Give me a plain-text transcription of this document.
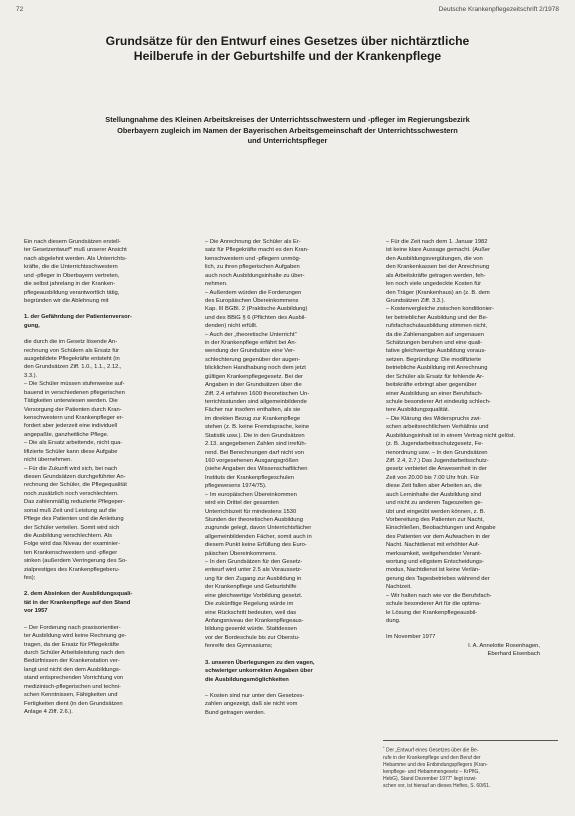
72	Deutsche Krankenpflegezeitschrift 2/1978
Grundsätze für den Entwurf eines Gesetzes über nichtärztliche
Heilberufe in der Geburtshilfe und der Krankenpflege
Stellungnahme des Kleinen Arbeitskreises der Unterrichtsschwestern und -pfleger im Regierungsbezirk
Oberbayern zugleich im Namen der Bayerischen Arbeitsgemeinschaft der Unterrichtsschwestern
und Unterrichtspfleger

Ein nach diesem Grundsätzen erstell-

ter Gesetzentwurf* muß unserer Ansicht

nach abgelehnt werden. Als Unterrichts-

kräfte, die die Unterrichtsschwestern

und -pfleger in Oberbayern vertreten,

die selbst jahrelang in der Kranken-

pflegeausbildung verantwortlich tätig,

begründen wir die Ablehnung mit

1. der Gefährdung der Patientenversor-

gung,

die durch die im Gesetz lösende An-

rechnung von Schülern als Ersatz für

ausgebildete Pflegekräfte entsteht (in

den Grundsätzen Ziff. 1.0., 1.1., 2.12.,

3.3.).

– Die Schüler müssen stufenweise auf-

bauend in verschiedenen pflegerischen

Tätigkeiten unterwiesen werden. Die

Versorgung der Patienten durch Kran-

kenschwestern und Krankenpfleger er-

fordert aber jederzeit eine individuell

angepaßte, ganzheitliche Pflege.

– Die als Ersatz arbeitende, nicht qua-

lifizierte Schüler kann diese Aufgabe

nicht übernehmen.

– Für die Zukunft wird sich, bei nach

diesen Grundsätzen durchgeführter An-

rechnung der Schüler, die Pflegequalität

noch zusätzlich noch verschlechtern.

Das zahlenmäßig reduzierte Pflegeper-

sonal muß Zeit und Leistung auf die

Pflege des Patienten und die Anleitung

der Schüler verteilen. Somit wird sich

die Ausbildung verschlechtern. Als

Folge wird das Niveau der examinier-

ten Krankenschwestern und -pfleger

sinken (außerdem Verringerung des So-

zialprestiges des Krankenpflegeberu-

fes);

2. dem Absinken der Ausbildungsquali-

tät in der Krankenpflege auf den Stand

vor 1957

– Der Forderung nach praxisorientier-

ter Ausbildung wird keine Rechnung ge-

tragen, da der Ersatz für Pflegekräfte

durch Schüler Arbeitsleistung nach den

Bedürfnissen der Krankenstation ver-

langt und nicht den dem Ausbildungs-

stand entsprechenden Vorrichtung von

medizinisch-pflegerischen und techni-

schen Kenntnissen, Fähigkeiten und

Fertigkeiten dient (in den Grundsätzen

Anlage 4 Ziff. 2.6.).

– Die Anrechnung der Schüler als Er-

satz für Pflegekräfte macht es den Kran-

kenschwestern und -pflegern unmög-

lich, zu ihren pflegerischen Aufgaben

auch noch Ausbildungsinhalte zu über-

nehmen.

– Außerdem würden die Forderungen

des Europäischen Übereinkommens

Kap. III BGBl. 2 (Praktische Ausbildung)

und des BBiG § 6 (Pflichten des Ausbil-

denden) nicht erfüllt.

– Auch der „theoretische Unterricht"

in der Krankenpflege erfährt bei An-

wendung der Grundsätze eine Ver-

schlechterung gegenüber der augen-

blicklichen Handhabung noch dem jetzt

gültigen Krankenpflegegesetz. Bei der

Angaben in der Grundsätzen über die

Ziff. 2.4 erfahren 1600 theoretischen Un-

terrichtsstunden sind allgemeinbildende

Fächer nur insofern enthalten, als sie

im direkten Bezug zur Krankenpflege

stehen (z. B. keine Fremdsprache, keine

Statistik usw.). Die in den Grundsätzen

2.13. angegebenen Zahlen sind irrefüh-

rend. Bei Berechnungen darf nicht von

160 vorgesehenen Ausgangsgrößen

(siehe Angaben des Wissenschaftlichen

Instituts der Krankenpflegeschulen

pflegewesens 1974/75).

– Im europäischen Übereinkommen

wird ein Drittel der gesamten

Unterrichtszeit für mindestens 1530

Stunden der theoretischen Ausbildung

zugrunde gelegt, davon Unterrichtsfächer

allgemeinbildenden Fächer, somit auch in

diesem Punkt keine Erfüllung des Euro-

päischen Übereinkommens.

– In den Grundsätzen für den Gesetz-

entwurf wird unter 2.5 als Voraussetz-

ung für den Zugang zur Ausbildung in

der Krankenpflege und Geburtshilfe

eine gleichwertige Vorbildung gesetzt.

Die zukünftige Regelung würde im

eine Rückschritt bedeuten, weil das

Anfangsniveau der Krankenpflegeaus-

bildung gesenkt würde. Stattdessen

vor der Bordeschule bis zur Oberstu-

fenreife des Gymnasiums;

3. unseren Überlegungen zu den vagen,

schwieriger unkorrekten Angaben über

die Ausbildungsmöglichkeiten

– Kosten sind nur unter den Gesetzes-

zahlen angezeigt, daß sie nicht vom

Bund getragen werden.

– Für die Zeit nach dem 1. Januar 1982

ist keine klare Aussage gemacht. (Außer

den Ausbildungsvergütungen, die von

den Krankenkassen bei der Anrechnung

als Arbeitskräfte getragen werden, feh-

len noch viele ungedeckte Kosten für

den Träger (Krankenhaus) an (z. B. dem

Grundsätzen Ziff. 3.3.).

– Kostenvergleiche zwischen konditionier-

ter betrieblicher Ausbildung und der Be-

rufsfachschulausbildung stimmen nicht,

da die Zahlenangaben auf ungenauen

Schätzungen beruhen und eine quali-

tative gleichwertige Ausbildung voraus-

setzen. Begründung: Die modifizierte

betriebliche Ausbildung mit Anrechnung

der Schüler als Ersatz für fehlende Ar-

beitskräfte erbringt aber gegenüber

einer Ausbildung an einer Berufsfach-

schule besonderer Art eindeutig schlech-

tere Ausbildungsqualität.

– Die Klärung des Widerspruchs zwi-

schen arbeitsrechtlichem Verhältnis und

Ausbildungsinhalt ist in einem Vertrag nicht gelöst.

(z. B. Jugendarbeitsschutzgesetz, Fe-

rienordnung usw. – In den Grundsätzen

Ziff. 2.4, 2.7.) Das Jugendarbeitsschutz-

gesetz verbietet die Anwesenheit in der

Zeit von 20.00 bis 7.00 Uhr früh. Für

diese Zeit fallen aber Arbeiten an, die

auch Lerninhalte der Ausbildung sind

und nicht zu anderen Tageszeiten ge-

übt und eingeübt werden können, z. B.

Vorbereitung des Patienten zur Nacht,

Einschließen, Beobachtungen und Angabe

des Patienten vor dem Aufwachen in der

Nacht. Nachtdienst mit erhöhter Auf-

merksamkeit, weitgehendster Verant-

wortung und eiligstem Entscheidungs-

modus, Nachtdienst ist keine Verlän-

gerung des Tagesbetriebes während der

Nachtzeit.

– Wir halten nach wie vor die Berufsfach-

schule besonderer Art für die optima-

le Lösung der Krankenpflegeausbil-

dung.

Im November 1977

I. A. Annelotte Rosenhagen,

Eberhard Eisenbach

* Der „Entwurf eines Gesetzes über die Be-

rufe in der Krankenpflege und den Beruf der

Hebamme und des Entbindungspflegers (Kran-

kenpflege- und Hebammengesetz – KrPflG,

HebG), Stand Dezember 1977" liegt inzwi-

schen vor, ist hierauf an dieses Heftes, S. 60/61.
